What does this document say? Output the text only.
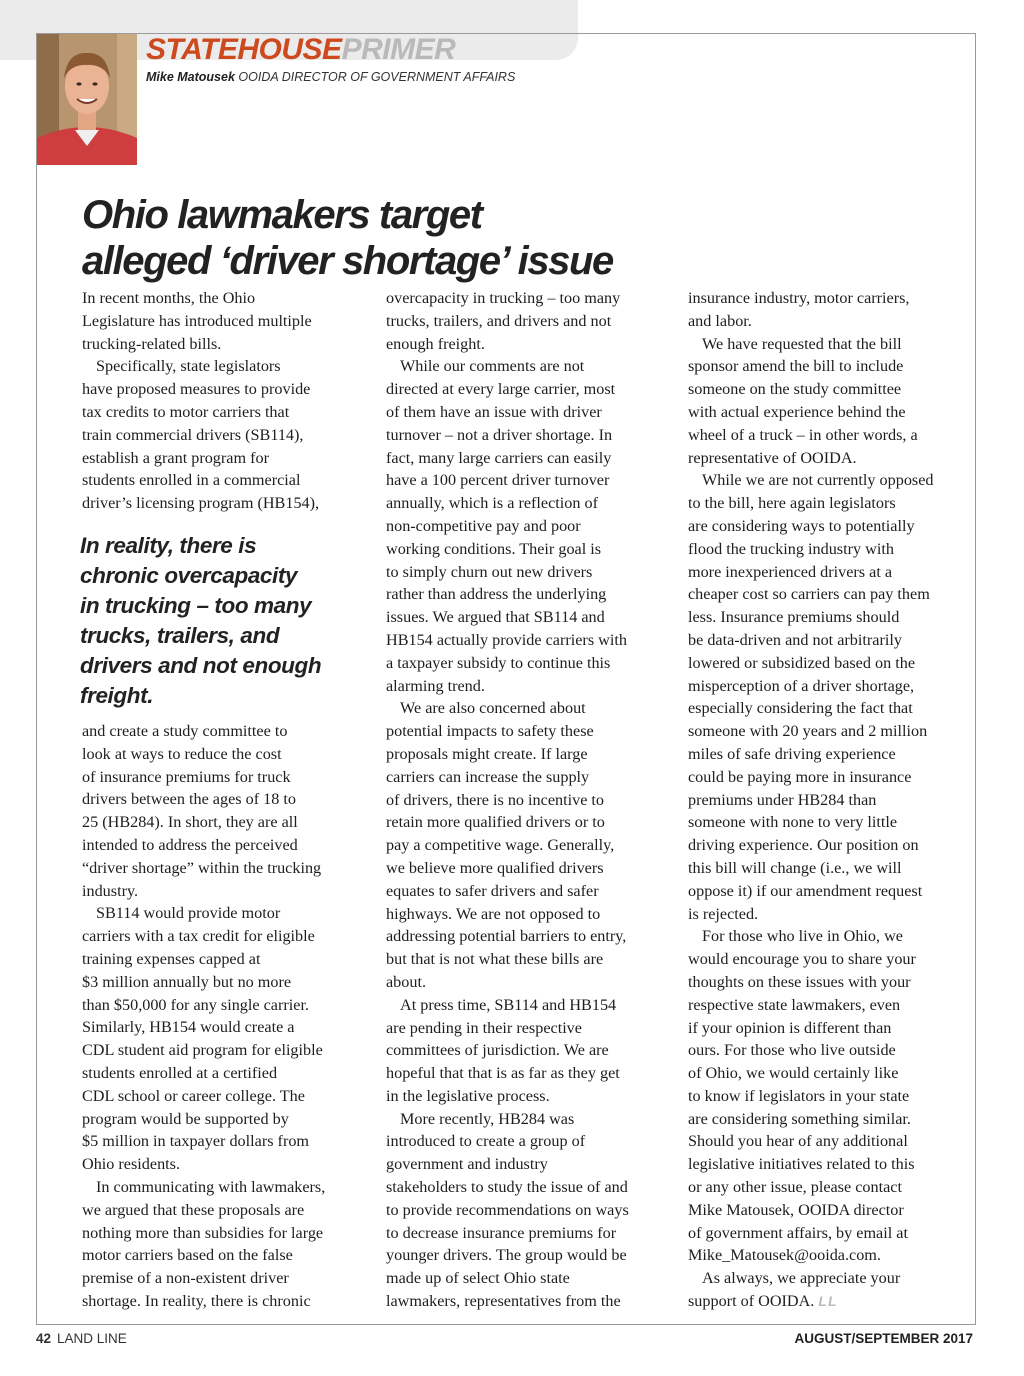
STATEHOUSEPRIMER
Mike Matousek OOIDA DIRECTOR OF GOVERNMENT AFFAIRS
Ohio lawmakers target
alleged ‘driver shortage’ issue

In recent months, the Ohio
Legislature has introduced multiple
trucking-related bills.

Specifically, state legislators
have proposed measures to provide
tax credits to motor carriers that
train commercial drivers (SB114),
establish a grant program for
students enrolled in a commercial
driver’s licensing program (HB154),

In reality, there is
chronic overcapacity
in trucking – too many
trucks, trailers, and
drivers and not enough
freight.

and create a study committee to
look at ways to reduce the cost
of insurance premiums for truck
drivers between the ages of 18 to
25 (HB284). In short, they are all
intended to address the perceived
“driver shortage” within the trucking
industry.

SB114 would provide motor
carriers with a tax credit for eligible
training expenses capped at
$3 million annually but no more
than $50,000 for any single carrier.
Similarly, HB154 would create a
CDL student aid program for eligible
students enrolled at a certified
CDL school or career college. The
program would be supported by
$5 million in taxpayer dollars from
Ohio residents.

In communicating with lawmakers,
we argued that these proposals are
nothing more than subsidies for large
motor carriers based on the false
premise of a non-existent driver
shortage. In reality, there is chronic

overcapacity in trucking – too many
trucks, trailers, and drivers and not
enough freight.

While our comments are not
directed at every large carrier, most
of them have an issue with driver
turnover – not a driver shortage. In
fact, many large carriers can easily
have a 100 percent driver turnover
annually, which is a reflection of
non-competitive pay and poor
working conditions. Their goal is
to simply churn out new drivers
rather than address the underlying
issues. We argued that SB114 and
HB154 actually provide carriers with
a taxpayer subsidy to continue this
alarming trend.

We are also concerned about
potential impacts to safety these
proposals might create. If large
carriers can increase the supply
of drivers, there is no incentive to
retain more qualified drivers or to
pay a competitive wage. Generally,
we believe more qualified drivers
equates to safer drivers and safer
highways. We are not opposed to
addressing potential barriers to entry,
but that is not what these bills are
about.

At press time, SB114 and HB154
are pending in their respective
committees of jurisdiction. We are
hopeful that that is as far as they get
in the legislative process.

More recently, HB284 was
introduced to create a group of
government and industry
stakeholders to study the issue of and
to provide recommendations on ways
to decrease insurance premiums for
younger drivers. The group would be
made up of select Ohio state
lawmakers, representatives from the

insurance industry, motor carriers,
and labor.

We have requested that the bill
sponsor amend the bill to include
someone on the study committee
with actual experience behind the
wheel of a truck – in other words, a
representative of OOIDA.

While we are not currently opposed
to the bill, here again legislators
are considering ways to potentially
flood the trucking industry with
more inexperienced drivers at a
cheaper cost so carriers can pay them
less. Insurance premiums should
be data-driven and not arbitrarily
lowered or subsidized based on the
misperception of a driver shortage,
especially considering the fact that
someone with 20 years and 2 million
miles of safe driving experience
could be paying more in insurance
premiums under HB284 than
someone with none to very little
driving experience. Our position on
this bill will change (i.e., we will
oppose it) if our amendment request
is rejected.

For those who live in Ohio, we
would encourage you to share your
thoughts on these issues with your
respective state lawmakers, even
if your opinion is different than
ours. For those who live outside
of Ohio, we would certainly like
to know if legislators in your state
are considering something similar.
Should you hear of any additional
legislative initiatives related to this
or any other issue, please contact
Mike Matousek, OOIDA director
of government affairs, by email at
Mike_Matousek@ooida.com.

As always, we appreciate your
support of OOIDA. LL

42 LAND LINE	AUGUST/SEPTEMBER 2017
